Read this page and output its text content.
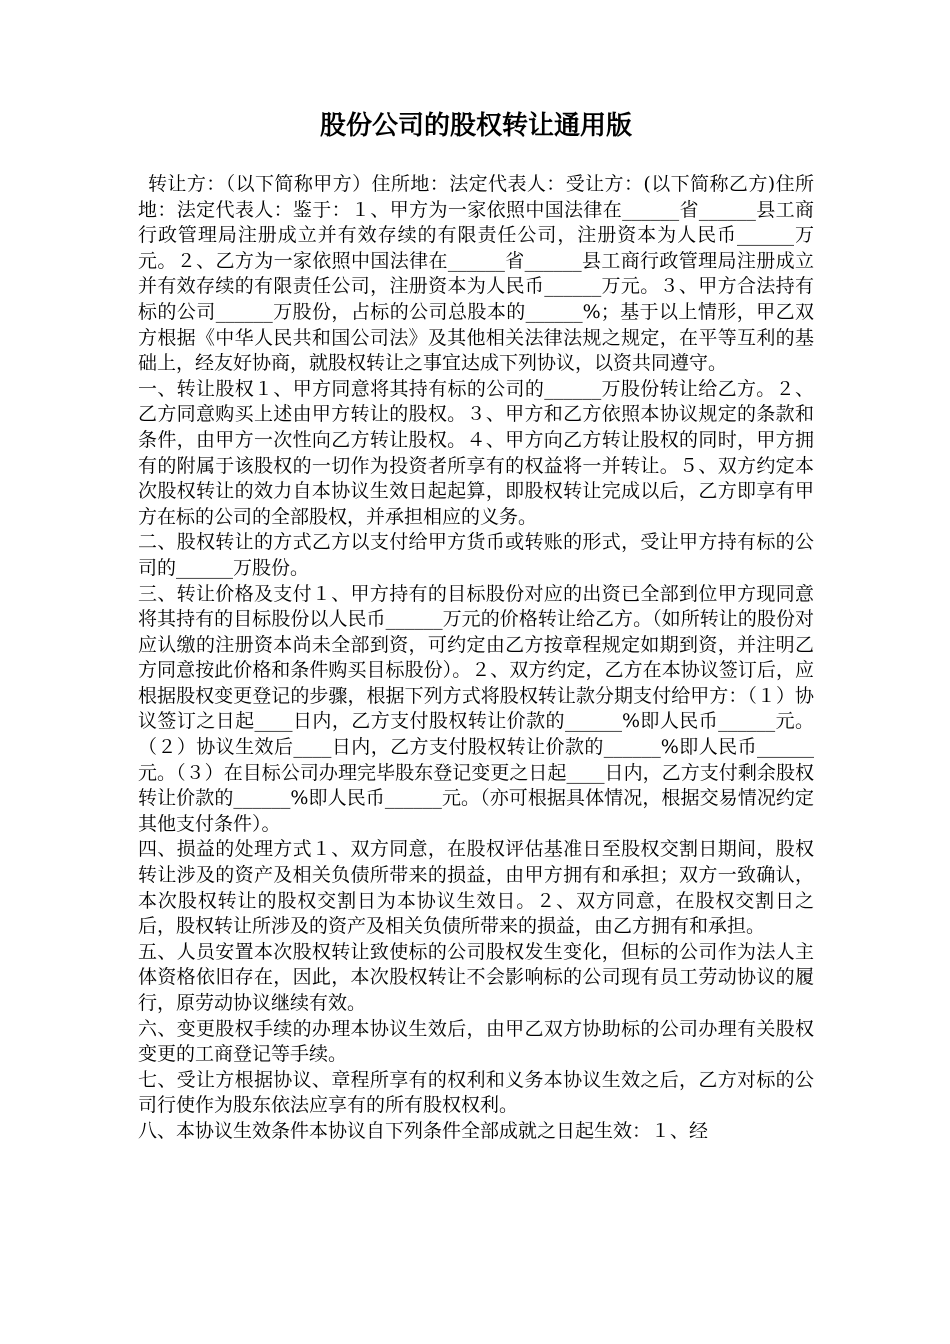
股份公司的股权转让通用版

转让方：（以下简称甲方）住所地：法定代表人：受让方：(以下简称乙方)住所地：法定代表人：鉴于：１、甲方为一家依照中国法律在______省______县工商行政管理局注册成立并有效存续的有限责任公司，注册资本为人民币______万元。２、乙方为一家依照中国法律在______省______县工商行政管理局注册成立并有效存续的有限责任公司，注册资本为人民币______万元。３、甲方合法持有标的公司______万股份，占标的公司总股本的______%；基于以上情形，甲乙双方根据《中华人民共和国公司法》及其他相关法律法规之规定，在平等互利的基础上，经友好协商，就股权转让之事宜达成下列协议，以资共同遵守。

一、转让股权１、甲方同意将其持有标的公司的______万股份转让给乙方。２、乙方同意购买上述由甲方转让的股权。３、甲方和乙方依照本协议规定的条款和条件，由甲方一次性向乙方转让股权。４、甲方向乙方转让股权的同时，甲方拥有的附属于该股权的一切作为投资者所享有的权益将一并转让。５、双方约定本次股权转让的效力自本协议生效日起起算，即股权转让完成以后，乙方即享有甲方在标的公司的全部股权，并承担相应的义务。

二、股权转让的方式乙方以支付给甲方货币或转账的形式，受让甲方持有标的公司的______万股份。

三、转让价格及支付１、甲方持有的目标股份对应的出资已全部到位甲方现同意将其持有的目标股份以人民币______万元的价格转让给乙方。（如所转让的股份对应认缴的注册资本尚未全部到资，可约定由乙方按章程规定如期到资，并注明乙方同意按此价格和条件购买目标股份）。２、双方约定，乙方在本协议签订后，应根据股权变更登记的步骤，根据下列方式将股权转让款分期支付给甲方：（１）协议签订之日起____日内，乙方支付股权转让价款的______%即人民币______元。（２）协议生效后____日内，乙方支付股权转让价款的______%即人民币______元。（３）在目标公司办理完毕股东登记变更之日起____日内，乙方支付剩余股权转让价款的______%即人民币______元。（亦可根据具体情况，根据交易情况约定其他支付条件）。

四、损益的处理方式１、双方同意，在股权评估基准日至股权交割日期间，股权转让涉及的资产及相关负债所带来的损益，由甲方拥有和承担；双方一致确认，本次股权转让的股权交割日为本协议生效日。２、双方同意，在股权交割日之后，股权转让所涉及的资产及相关负债所带来的损益，由乙方拥有和承担。

五、人员安置本次股权转让致使标的公司股权发生变化，但标的公司作为法人主体资格依旧存在，因此，本次股权转让不会影响标的公司现有员工劳动协议的履行，原劳动协议继续有效。

六、变更股权手续的办理本协议生效后，由甲乙双方协助标的公司办理有关股权变更的工商登记等手续。

七、受让方根据协议、章程所享有的权利和义务本协议生效之后，乙方对标的公司行使作为股东依法应享有的所有股权权利。

八、本协议生效条件本协议自下列条件全部成就之日起生效：１、经
